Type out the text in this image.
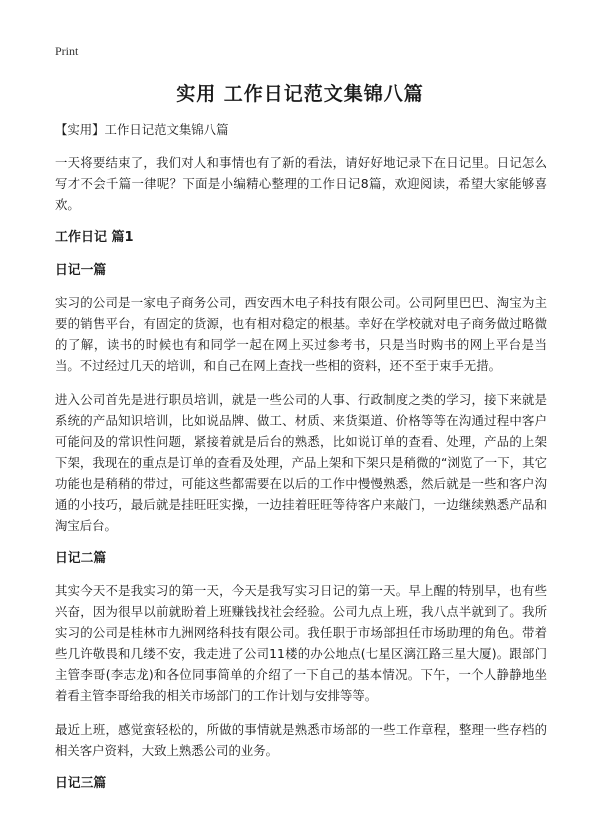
Print
实用 工作日记范文集锦八篇

【实用】工作日记范文集锦八篇

一天将要结束了，我们对人和事情也有了新的看法，请好好地记录下在日记里。日记怎么写才不会千篇一律呢？下面是小编精心整理的工作日记8篇，欢迎阅读，希望大家能够喜欢。

工作日记 篇1
日记一篇

实习的公司是一家电子商务公司，西安西木电子科技有限公司。公司阿里巴巴、淘宝为主要的销售平台，有固定的货源，也有相对稳定的根基。幸好在学校就对电子商务做过略微的了解，读书的时候也有和同学一起在网上买过参考书，只是当时购书的网上平台是当当。不过经过几天的培训，和自己在网上查找一些相的资料，还不至于束手无措。

进入公司首先是进行职员培训，就是一些公司的人事、行政制度之类的学习，接下来就是系统的产品知识培训，比如说品牌、做工、材质、来货渠道、价格等等在沟通过程中客户可能问及的常识性问题，紧接着就是后台的熟悉，比如说订单的查看、处理，产品的上架下架，我现在的重点是订单的查看及处理，产品上架和下架只是稍微的“浏览了一下，其它功能也是稍稍的带过，可能这些都需要在以后的工作中慢慢熟悉，然后就是一些和客户沟通的小技巧，最后就是挂旺旺实操，一边挂着旺旺等待客户来敲门，一边继续熟悉产品和淘宝后台。

日记二篇

其实今天不是我实习的第一天，今天是我写实习日记的第一天。早上醒的特别早，也有些兴奋，因为很早以前就盼着上班赚钱找社会经验。公司九点上班，我八点半就到了。我所实习的公司是桂林市九洲网络科技有限公司。我任职于市场部担任市场助理的角色。带着些几许敬畏和几缕不安，我走进了公司11楼的办公地点(七星区漓江路三星大厦)。跟部门主管李哥(李志龙)和各位同事简单的介绍了一下自己的基本情况。下午，一个人静静地坐着看主管李哥给我的相关市场部门的工作计划与安排等等。

最近上班，感觉蛮轻松的，所做的事情就是熟悉市场部的一些工作章程，整理一些存档的相关客户资料，大致上熟悉公司的业务。

日记三篇
